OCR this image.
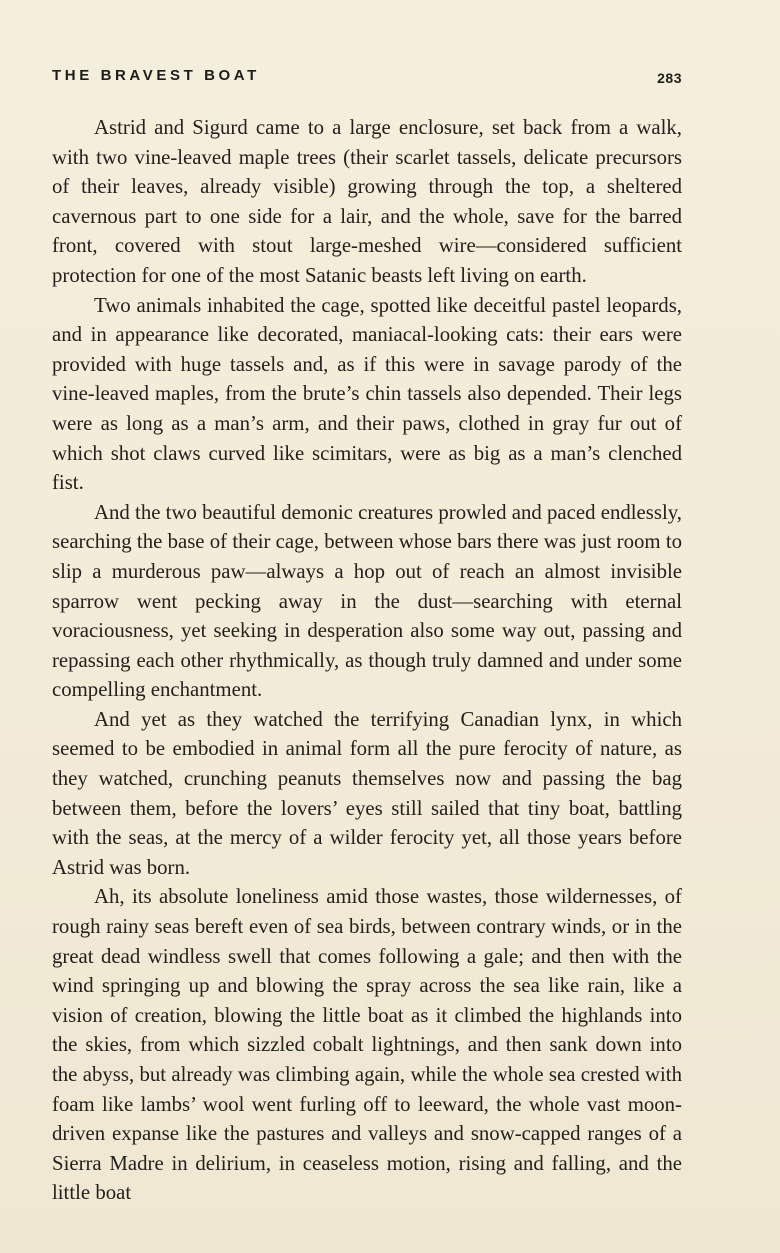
THE BRAVEST BOAT	283

Astrid and Sigurd came to a large enclosure, set back from a walk, with two vine-leaved maple trees (their scarlet tassels, delicate precursors of their leaves, already visible) growing through the top, a sheltered cavernous part to one side for a lair, and the whole, save for the barred front, covered with stout large-meshed wire—considered sufficient protection for one of the most Satanic beasts left living on earth.

Two animals inhabited the cage, spotted like deceitful pastel leopards, and in appearance like decorated, maniacal-looking cats: their ears were provided with huge tassels and, as if this were in savage parody of the vine-leaved maples, from the brute’s chin tassels also depended. Their legs were as long as a man’s arm, and their paws, clothed in gray fur out of which shot claws curved like scimitars, were as big as a man’s clenched fist.

And the two beautiful demonic creatures prowled and paced endlessly, searching the base of their cage, between whose bars there was just room to slip a murderous paw—always a hop out of reach an almost invisible sparrow went pecking away in the dust—searching with eternal voraciousness, yet seeking in desperation also some way out, passing and repassing each other rhythmically, as though truly damned and under some compelling enchantment.

And yet as they watched the terrifying Canadian lynx, in which seemed to be embodied in animal form all the pure ferocity of nature, as they watched, crunching peanuts themselves now and passing the bag between them, before the lovers’ eyes still sailed that tiny boat, battling with the seas, at the mercy of a wilder ferocity yet, all those years before Astrid was born.

Ah, its absolute loneliness amid those wastes, those wildernesses, of rough rainy seas bereft even of sea birds, between contrary winds, or in the great dead windless swell that comes following a gale; and then with the wind springing up and blowing the spray across the sea like rain, like a vision of creation, blowing the little boat as it climbed the highlands into the skies, from which sizzled cobalt lightnings, and then sank down into the abyss, but already was climbing again, while the whole sea crested with foam like lambs’ wool went furling off to leeward, the whole vast moon-driven expanse like the pastures and valleys and snow-capped ranges of a Sierra Madre in delirium, in ceaseless motion, rising and falling, and the little boat
